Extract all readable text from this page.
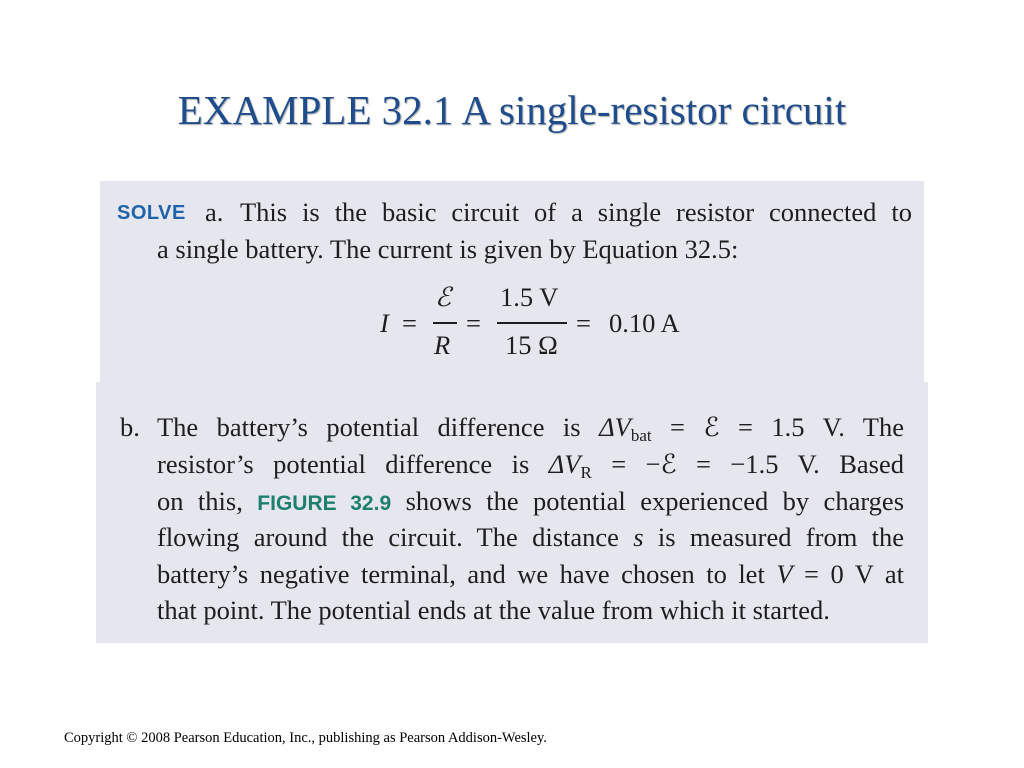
EXAMPLE 32.1 A single-resistor circuit
SOLVE a. This is the basic circuit of a single resistor connected to
a single battery. The current is given by Equation 32.5:
I =
ℰ
R
=
1.5 V
15 Ω
= 0.10 A
b. The battery’s potential difference is $\Delta V_{bat}$ = ℰ = 1.5 V. The
resistor’s potential difference is $\Delta V_R$ = −ℰ = −1.5 V. Based
on this, FIGURE 32.9 shows the potential experienced by charges
flowing around the circuit. The distance s is measured from the
battery’s negative terminal, and we have chosen to let V = 0 V at
that point. The potential ends at the value from which it started.
Copyright © 2008 Pearson Education, Inc., publishing as Pearson Addison-Wesley.
